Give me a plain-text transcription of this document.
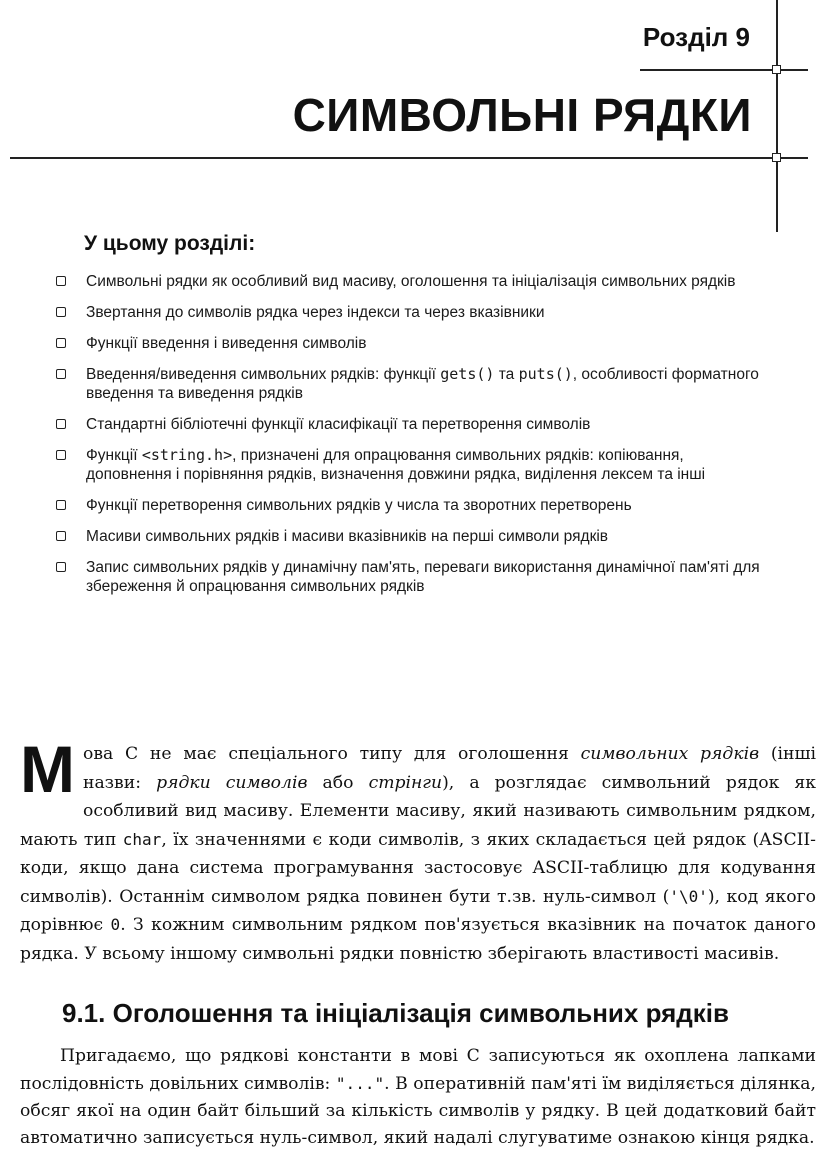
Розділ 9
СИМВОЛЬНІ РЯДКИ
У цьому розділі:
Символьні рядки як особливий вид масиву, оголошення та ініціалізація символьних рядків
Звертання до символів рядка через індекси та через вказівники
Функції введення і виведення символів
Введення/виведення символьних рядків: функції gets() та puts(), особливості форматного введення та виведення рядків
Стандартні бібліотечні функції класифікації та перетворення символів
Функції <string.h>, призначені для опрацювання символьних рядків: копіювання, доповнення і порівняння рядків, визначення довжини рядка, виділення лексем та інші
Функції перетворення символьних рядків у числа та зворотних перетворень
Масиви символьних рядків і масиви вказівників на перші символи рядків
Запис символьних рядків у динамічну пам'ять, переваги використання динамічної пам'яті для збереження й опрацювання символьних рядків
Мова С не має спеціального типу для оголошення символьних рядків (інші назви: рядки символів або стрінги), а розглядає символьний рядок як особливий вид масиву. Елементи масиву, який називають символьним рядком, мають тип char, їх значеннями є коди символів, з яких складається цей рядок (ASCII-коди, якщо дана система програмування застосовує ASCII-таблицю для кодування символів). Останнім символом рядка повинен бути т.зв. нуль-символ ('\0'), код якого дорівнює 0. З кожним символьним рядком пов'язується вказівник на початок даного рядка. У всьому іншому символьні рядки повністю зберігають властивості масивів.
9.1. Оголошення та ініціалізація символьних рядків
Пригадаємо, що рядкові константи в мові С записуються як охоплена лапками послідовність довільних символів: "...". В оперативній пам'яті їм виділяється ділянка, обсяг якої на один байт більший за кількість символів у рядку. В цей додатковий байт автоматично записується нуль-символ, який надалі слугуватиме ознакою кінця рядка.
